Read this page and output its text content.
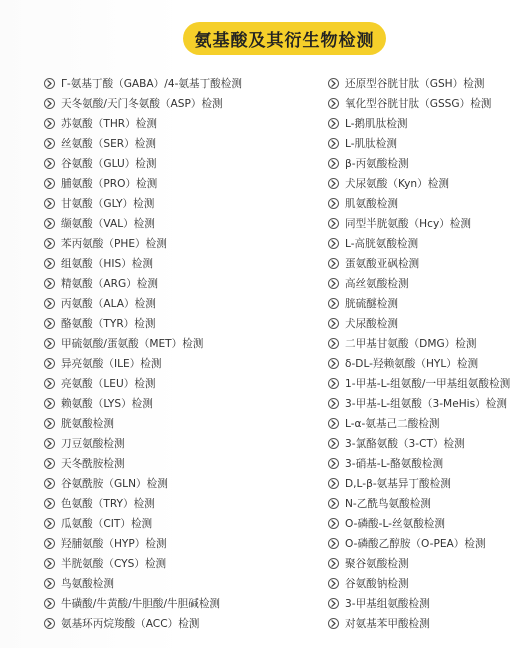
氨基酸及其衍生物检测
Γ-氨基丁酸（GABA）/4-氨基丁酸检测
天冬氨酸/天门冬氨酸（ASP）检测
苏氨酸（THR）检测
丝氨酸（SER）检测
谷氨酸（GLU）检测
脯氨酸（PRO）检测
甘氨酸（GLY）检测
缬氨酸（VAL）检测
苯丙氨酸（PHE）检测
组氨酸（HIS）检测
精氨酸（ARG）检测
丙氨酸（ALA）检测
酪氨酸（TYR）检测
甲硫氨酸/蛋氨酸（MET）检测
异亮氨酸（ILE）检测
亮氨酸（LEU）检测
赖氨酸（LYS）检测
胱氨酸检测
刀豆氨酸检测
天冬酰胺检测
谷氨酰胺（GLN）检测
色氨酸（TRY）检测
瓜氨酸（CIT）检测
羟脯氨酸（HYP）检测
半胱氨酸（CYS）检测
鸟氨酸检测
牛磺酸/牛黄酸/牛胆酸/牛胆碱检测
氨基环丙烷羧酸（ACC）检测
还原型谷胱甘肽（GSH）检测
氧化型谷胱甘肽（GSSG）检测
L-鹅肌肽检测
L-肌肽检测
β-丙氨酸检测
犬尿氨酸（Kyn）检测
肌氨酸检测
同型半胱氨酸（Hcy）检测
L-高胱氨酸检测
蛋氨酸亚砜检测
高丝氨酸检测
胱硫醚检测
犬尿酸检测
二甲基甘氨酸（DMG）检测
δ-DL-羟赖氨酸（HYL）检测
1-甲基-L-组氨酸/一甲基组氨酸检测
3-甲基-L-组氨酸（3-MeHis）检测
L-α-氨基己二酸检测
3-氯酪氨酸（3-CT）检测
3-硝基-L-酪氨酸检测
D,L-β-氨基异丁酸检测
N-乙酰鸟氨酸检测
O-磷酸-L-丝氨酸检测
O-磷酸乙醇胺（O-PEA）检测
聚谷氨酸检测
谷氨酸钠检测
3-甲基组氨酸检测
对氨基苯甲酸检测
